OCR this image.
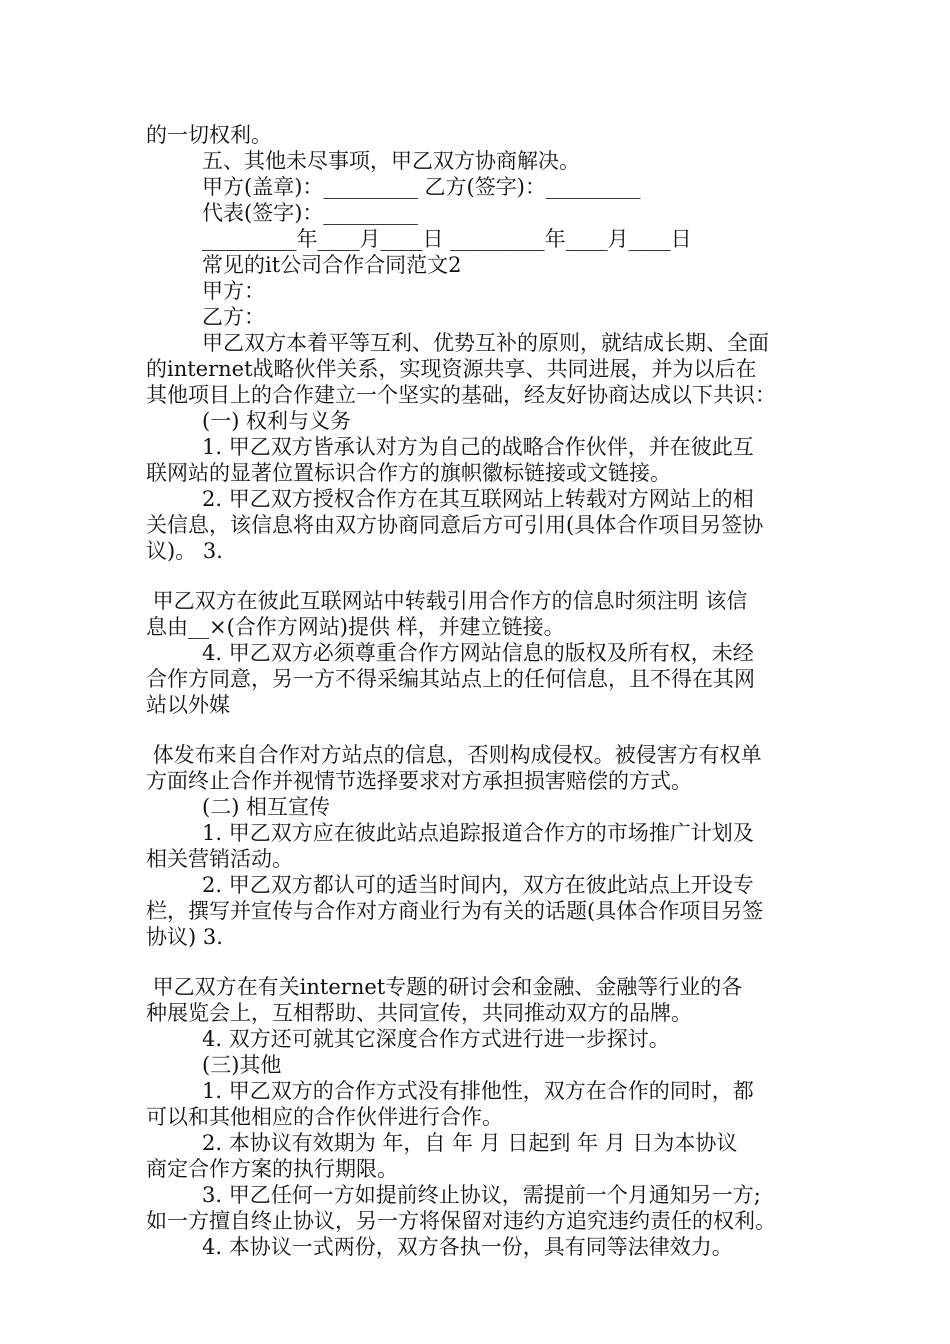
的一切权利。
五、其他未尽事项，甲乙双方协商解决。
甲方(盖章)：_________ 乙方(签字)：_________
代表(签字)：_________
_________年____月____日 _________年____月____日
常见的it公司合作合同范文2
甲方：
乙方：
甲乙双方本着平等互利、优势互补的原则，就结成长期、全面
的internet战略伙伴关系，实现资源共享、共同进展，并为以后在
其他项目上的合作建立一个坚实的基础，经友好协商达成以下共识：
(一) 权利与义务
1. 甲乙双方皆承认对方为自己的战略合作伙伴，并在彼此互
联网站的显著位置标识合作方的旗帜徽标链接或文链接。
2. 甲乙双方授权合作方在其互联网站上转载对方网站上的相
关信息，该信息将由双方协商同意后方可引用(具体合作项目另签协
议)。 3.
甲乙双方在彼此互联网站中转载引用合作方的信息时须注明 该信
息由__×(合作方网站)提供 样，并建立链接。
4. 甲乙双方必须尊重合作方网站信息的版权及所有权，未经
合作方同意，另一方不得采编其站点上的任何信息，且不得在其网
站以外媒
体发布来自合作对方站点的信息，否则构成侵权。被侵害方有权单
方面终止合作并视情节选择要求对方承担损害赔偿的方式。
(二) 相互宣传
1. 甲乙双方应在彼此站点追踪报道合作方的市场推广计划及
相关营销活动。
2. 甲乙双方都认可的适当时间内，双方在彼此站点上开设专
栏，撰写并宣传与合作对方商业行为有关的话题(具体合作项目另签
协议) 3.
甲乙双方在有关internet专题的研讨会和金融、金融等行业的各
种展览会上，互相帮助、共同宣传，共同推动双方的品牌。
4. 双方还可就其它深度合作方式进行进一步探讨。
(三)其他
1. 甲乙双方的合作方式没有排他性，双方在合作的同时，都
可以和其他相应的合作伙伴进行合作。
2. 本协议有效期为 年，自 年 月 日起到 年 月 日为本协议
商定合作方案的执行期限。
3. 甲乙任何一方如提前终止协议，需提前一个月通知另一方;
如一方擅自终止协议，另一方将保留对违约方追究违约责任的权利。
4. 本协议一式两份，双方各执一份，具有同等法律效力。
